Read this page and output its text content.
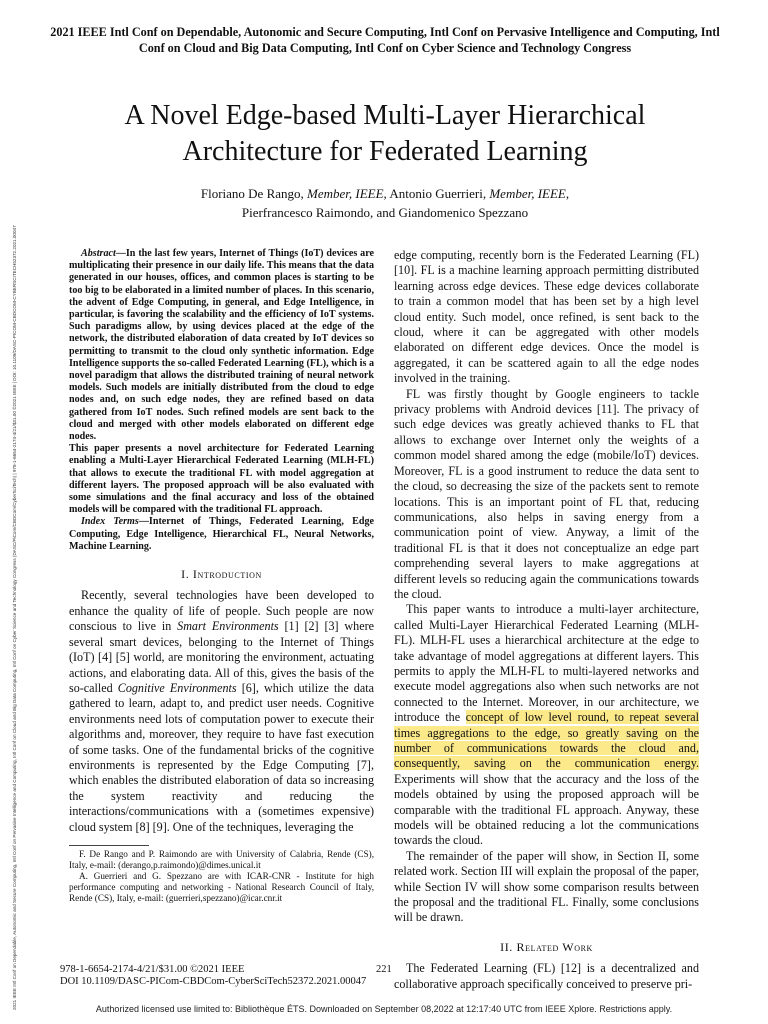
2021 IEEE Intl Conf on Dependable, Autonomic and Secure Computing, Intl Conf on Pervasive Intelligence and Computing, Intl Conf on Cloud and Big Data Computing, Intl Conf on Cyber Science and Technology Congress (DASC/PiCom/CBDCom/CyberSciTech) | 978-1-6654-2174-4/21/$31.00 ©2021 IEEE | DOI: 10.1109/DASC-PICOM-CBDCOM-CYBERSCITECH52372.2021.00047
2021 IEEE Intl Conf on Dependable, Autonomic and Secure Computing, Intl Conf on Pervasive Intelligence and Computing, Intl Conf on Cloud and Big Data Computing, Intl Conf on Cyber Science and Technology Congress
A Novel Edge-based Multi-Layer Hierarchical
Architecture for Federated Learning
Floriano De Rango, Member, IEEE, Antonio Guerrieri, Member, IEEE,
Pierfrancesco Raimondo, and Giandomenico Spezzano

Abstract—In the last few years, Internet of Things (IoT) devices are multiplicating their presence in our daily life. This means that the data generated in our houses, offices, and common places is starting to be too big to be elaborated in a limited number of places. In this scenario, the advent of Edge Computing, in general, and Edge Intelligence, in particular, is favoring the scalability and the efficiency of IoT systems. Such paradigms allow, by using devices placed at the edge of the network, the distributed elaboration of data created by IoT devices so permitting to transmit to the cloud only synthetic information. Edge Intelligence supports the so-called Federated Learning (FL), which is a novel paradigm that allows the distributed training of neural network models. Such models are initially distributed from the cloud to edge nodes and, on such edge nodes, they are refined based on data gathered from IoT nodes. Such refined models are sent back to the cloud and merged with other models elaborated on different edge nodes.

This paper presents a novel architecture for Federated Learning enabling a Multi-Layer Hierarchical Federated Learning (MLH-FL) that allows to execute the traditional FL with model aggregation at different layers. The proposed approach will be also evaluated with some simulations and the final accuracy and loss of the obtained models will be compared with the traditional FL approach.

Index Terms—Internet of Things, Federated Learning, Edge Computing, Edge Intelligence, Hierarchical FL, Neural Networks, Machine Learning.

I. Introduction

Recently, several technologies have been developed to enhance the quality of life of people. Such people are now conscious to live in Smart Environments [1] [2] [3] where several smart devices, belonging to the Internet of Things (IoT) [4] [5] world, are monitoring the environment, actuating actions, and elaborating data. All of this, gives the basis of the so-called Cognitive Environments [6], which utilize the data gathered to learn, adapt to, and predict user needs. Cognitive environments need lots of computation power to execute their algorithms and, moreover, they require to have fast execution of some tasks. One of the fundamental bricks of the cognitive environments is represented by the Edge Computing [7], which enables the distributed elaboration of data so increasing the system reactivity and reducing the interactions/communications with a (sometimes expensive) cloud system [8] [9]. One of the techniques, leveraging the

F. De Rango and P. Raimondo are with University of Calabria, Rende (CS), Italy, e-mail: (derango,p.raimondo)@dimes.unical.it

A. Guerrieri and G. Spezzano are with ICAR-CNR - Institute for high performance computing and networking - National Research Council of Italy, Rende (CS), Italy, e-mail: (guerrieri,spezzano)@icar.cnr.it

edge computing, recently born is the Federated Learning (FL) [10]. FL is a machine learning approach permitting distributed learning across edge devices. These edge devices collaborate to train a common model that has been set by a high level cloud entity. Such model, once refined, is sent back to the cloud, where it can be aggregated with other models elaborated on different edge devices. Once the model is aggregated, it can be scattered again to all the edge nodes involved in the training.

FL was firstly thought by Google engineers to tackle privacy problems with Android devices [11]. The privacy of such edge devices was greatly achieved thanks to FL that allows to exchange over Internet only the weights of a common model shared among the edge (mobile/IoT) devices. Moreover, FL is a good instrument to reduce the data sent to the cloud, so decreasing the size of the packets sent to remote locations. This is an important point of FL that, reducing communications, also helps in saving energy from a communication point of view. Anyway, a limit of the traditional FL is that it does not conceptualize an edge part comprehending several layers to make aggregations at different levels so reducing again the communications towards the cloud.

This paper wants to introduce a multi-layer architecture, called Multi-Layer Hierarchical Federated Learning (MLH-FL). MLH-FL uses a hierarchical architecture at the edge to take advantage of model aggregations at different layers. This permits to apply the MLH-FL to multi-layered networks and execute model aggregations also when such networks are not connected to the Internet. Moreover, in our architecture, we introduce the concept of low level round, to repeat several times aggregations to the edge, so greatly saving on the number of communications towards the cloud and, consequently, saving on the communication energy. Experiments will show that the accuracy and the loss of the models obtained by using the proposed approach will be comparable with the traditional FL approach. Anyway, these models will be obtained reducing a lot the communications towards the cloud.

The remainder of the paper will show, in Section II, some related work. Section III will explain the proposal of the paper, while Section IV will show some comparison results between the proposal and the traditional FL. Finally, some conclusions will be drawn.

II. Related Work

The Federated Learning (FL) [12] is a decentralized and collaborative approach specifically conceived to preserve pri-

978-1-6654-2174-4/21/$31.00 ©2021 IEEE
DOI 10.1109/DASC-PICom-CBDCom-CyberSciTech52372.2021.00047
221
Authorized licensed use limited to: Bibliothèque ÉTS. Downloaded on September 08,2022 at 12:17:40 UTC from IEEE Xplore. Restrictions apply.
